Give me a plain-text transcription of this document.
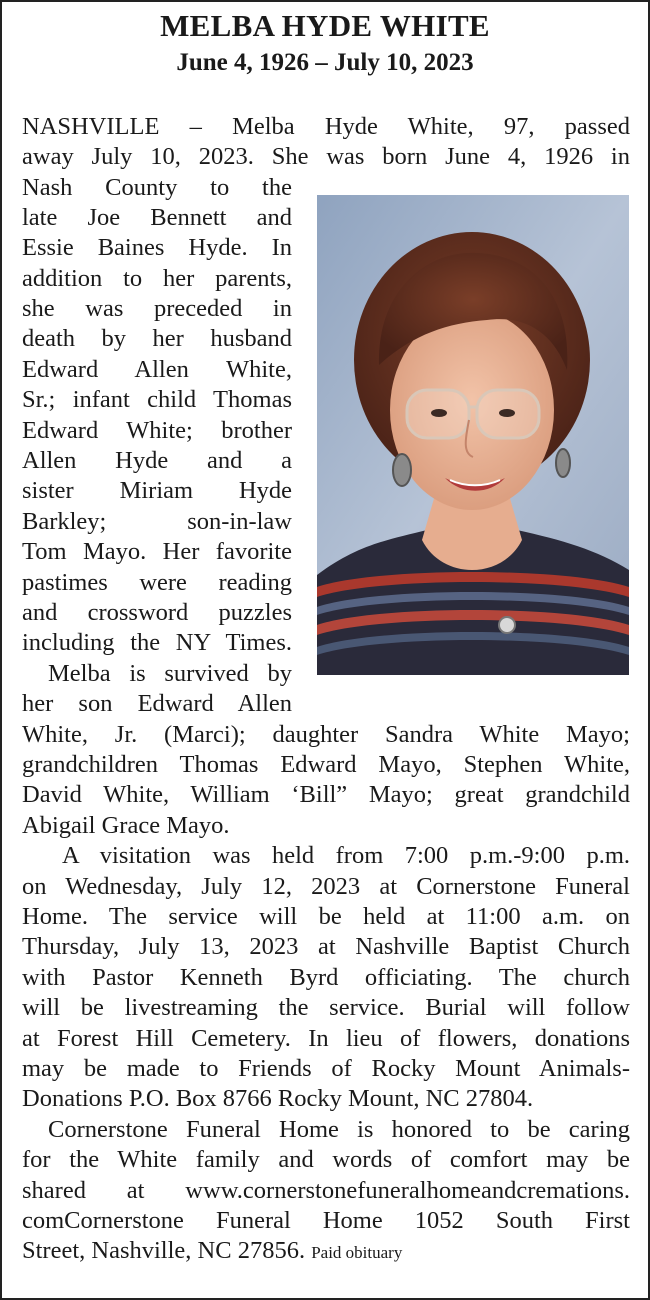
MELBA HYDE WHITE
June 4, 1926 – July 10, 2023
NASHVILLE – Melba Hyde White, 97, passed
away July 10, 2023. She was born June 4, 1926 in
Nash County to the
late Joe Bennett and
Essie Baines Hyde. In
addition to her parents,
she was preceded in
death by her husband
Edward Allen White,
Sr.; infant child Thomas
Edward White; brother
Allen Hyde and a
sister Miriam Hyde
Barkley; son-in-law
Tom Mayo. Her favorite
pastimes were reading
and crossword puzzles
including the NY Times.
Melba is survived by
her son Edward Allen
White, Jr. (Marci); daughter Sandra White Mayo;
grandchildren Thomas Edward Mayo, Stephen White,
David White, William ‘Bill” Mayo; great grandchild
Abigail Grace Mayo.
A visitation was held from 7:00 p.m.-9:00 p.m.
on Wednesday, July 12, 2023 at Cornerstone Funeral
Home. The service will be held at 11:00 a.m. on
Thursday, July 13, 2023 at Nashville Baptist Church
with Pastor Kenneth Byrd officiating. The church
will be livestreaming the service. Burial will follow
at Forest Hill Cemetery. In lieu of flowers, donations
may be made to Friends of Rocky Mount Animals-
Donations P.O. Box 8766 Rocky Mount, NC 27804.
Cornerstone Funeral Home is honored to be caring
for the White family and words of comfort may be
shared at www.cornerstonefuneralhomeandcremations.
comCornerstone Funeral Home 1052 South First
Street, Nashville, NC 27856. Paid obituary
